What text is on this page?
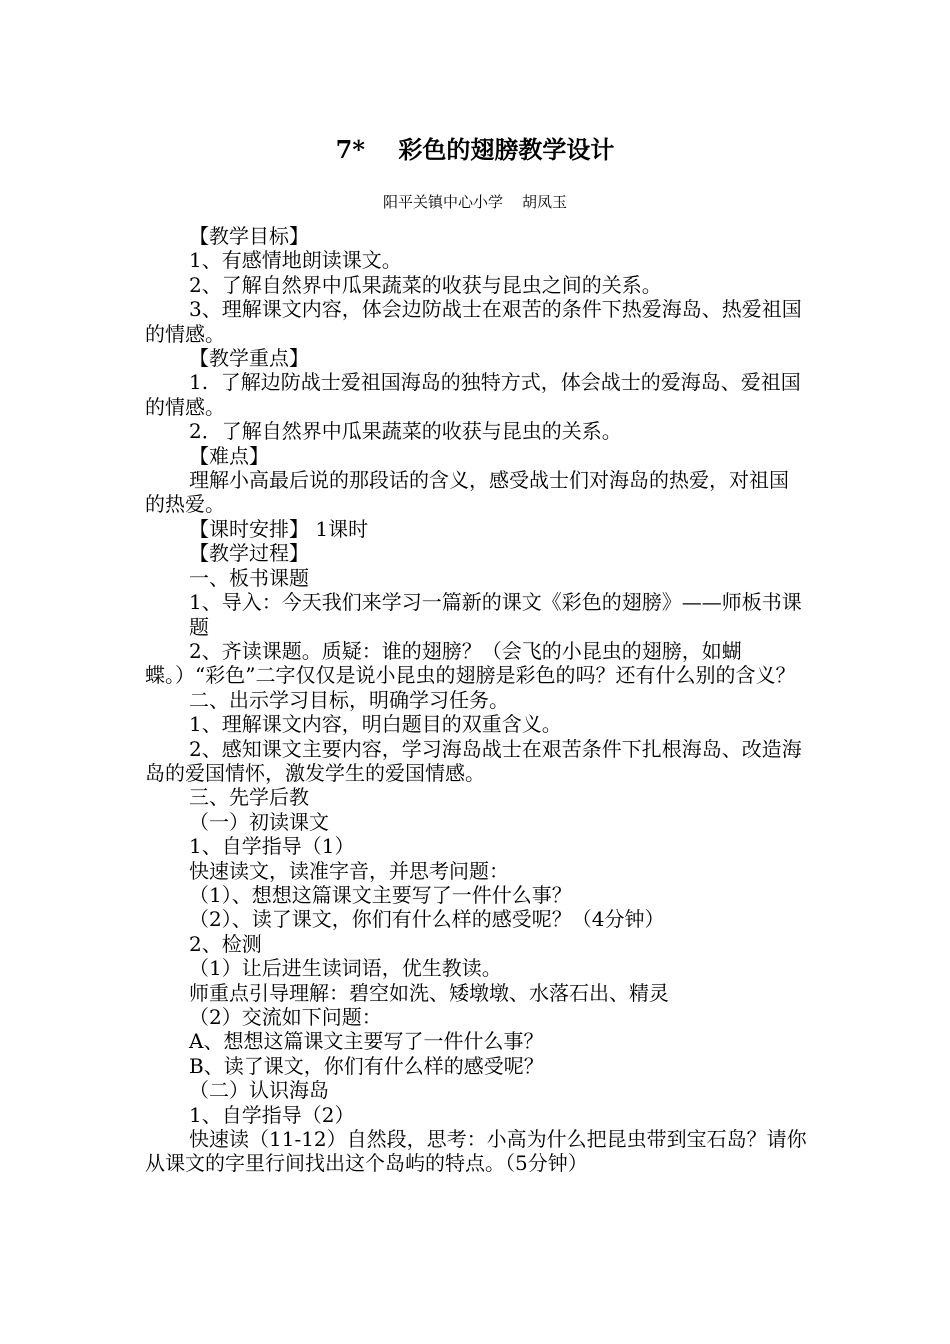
7*    彩色的翅膀教学设计
阳平关镇中心小学    胡凤玉

【教学目标】

1、有感情地朗读课文。

2、了解自然界中瓜果蔬菜的收获与昆虫之间的关系。

3、理解课文内容，体会边防战士在艰苦的条件下热爱海岛、热爱祖国的情感。

【教学重点】

1.  了解边防战士爱祖国海岛的独特方式，体会战士的爱海岛、爱祖国的情感。

2．了解自然界中瓜果蔬菜的收获与昆虫的关系。

【难点】

理解小高最后说的那段话的含义，感受战士们对海岛的热爱，对祖国的热爱。

【课时安排】 1课时

【教学过程】

一、板书课题

1、导入：今天我们来学习一篇新的课文《彩色的翅膀》——师板书课题

2、齐读课题。质疑：谁的翅膀？（会飞的小昆虫的翅膀，如蝴蝶。）“彩色”二字仅仅是说小昆虫的翅膀是彩色的吗？还有什么别的含义？

二、出示学习目标，明确学习任务。

1、理解课文内容，明白题目的双重含义。

2、感知课文主要内容，学习海岛战士在艰苦条件下扎根海岛、改造海岛的爱国情怀，激发学生的爱国情感。

三、先学后教

（一）初读课文

1、自学指导（1）

快速读文，读准字音，并思考问题：

（1）、想想这篇课文主要写了一件什么事？

（2）、读了课文，你们有什么样的感受呢？（4分钟）

2、检测

（1）让后进生读词语，优生教读。

师重点引导理解：碧空如洗、矮墩墩、水落石出、精灵

（2）交流如下问题：

A、想想这篇课文主要写了一件什么事？

B、读了课文，你们有什么样的感受呢？

（二）认识海岛

1、自学指导（2）

快速读（11-12）自然段，思考：小高为什么把昆虫带到宝石岛？请你从课文的字里行间找出这个岛屿的特点。（5分钟）
